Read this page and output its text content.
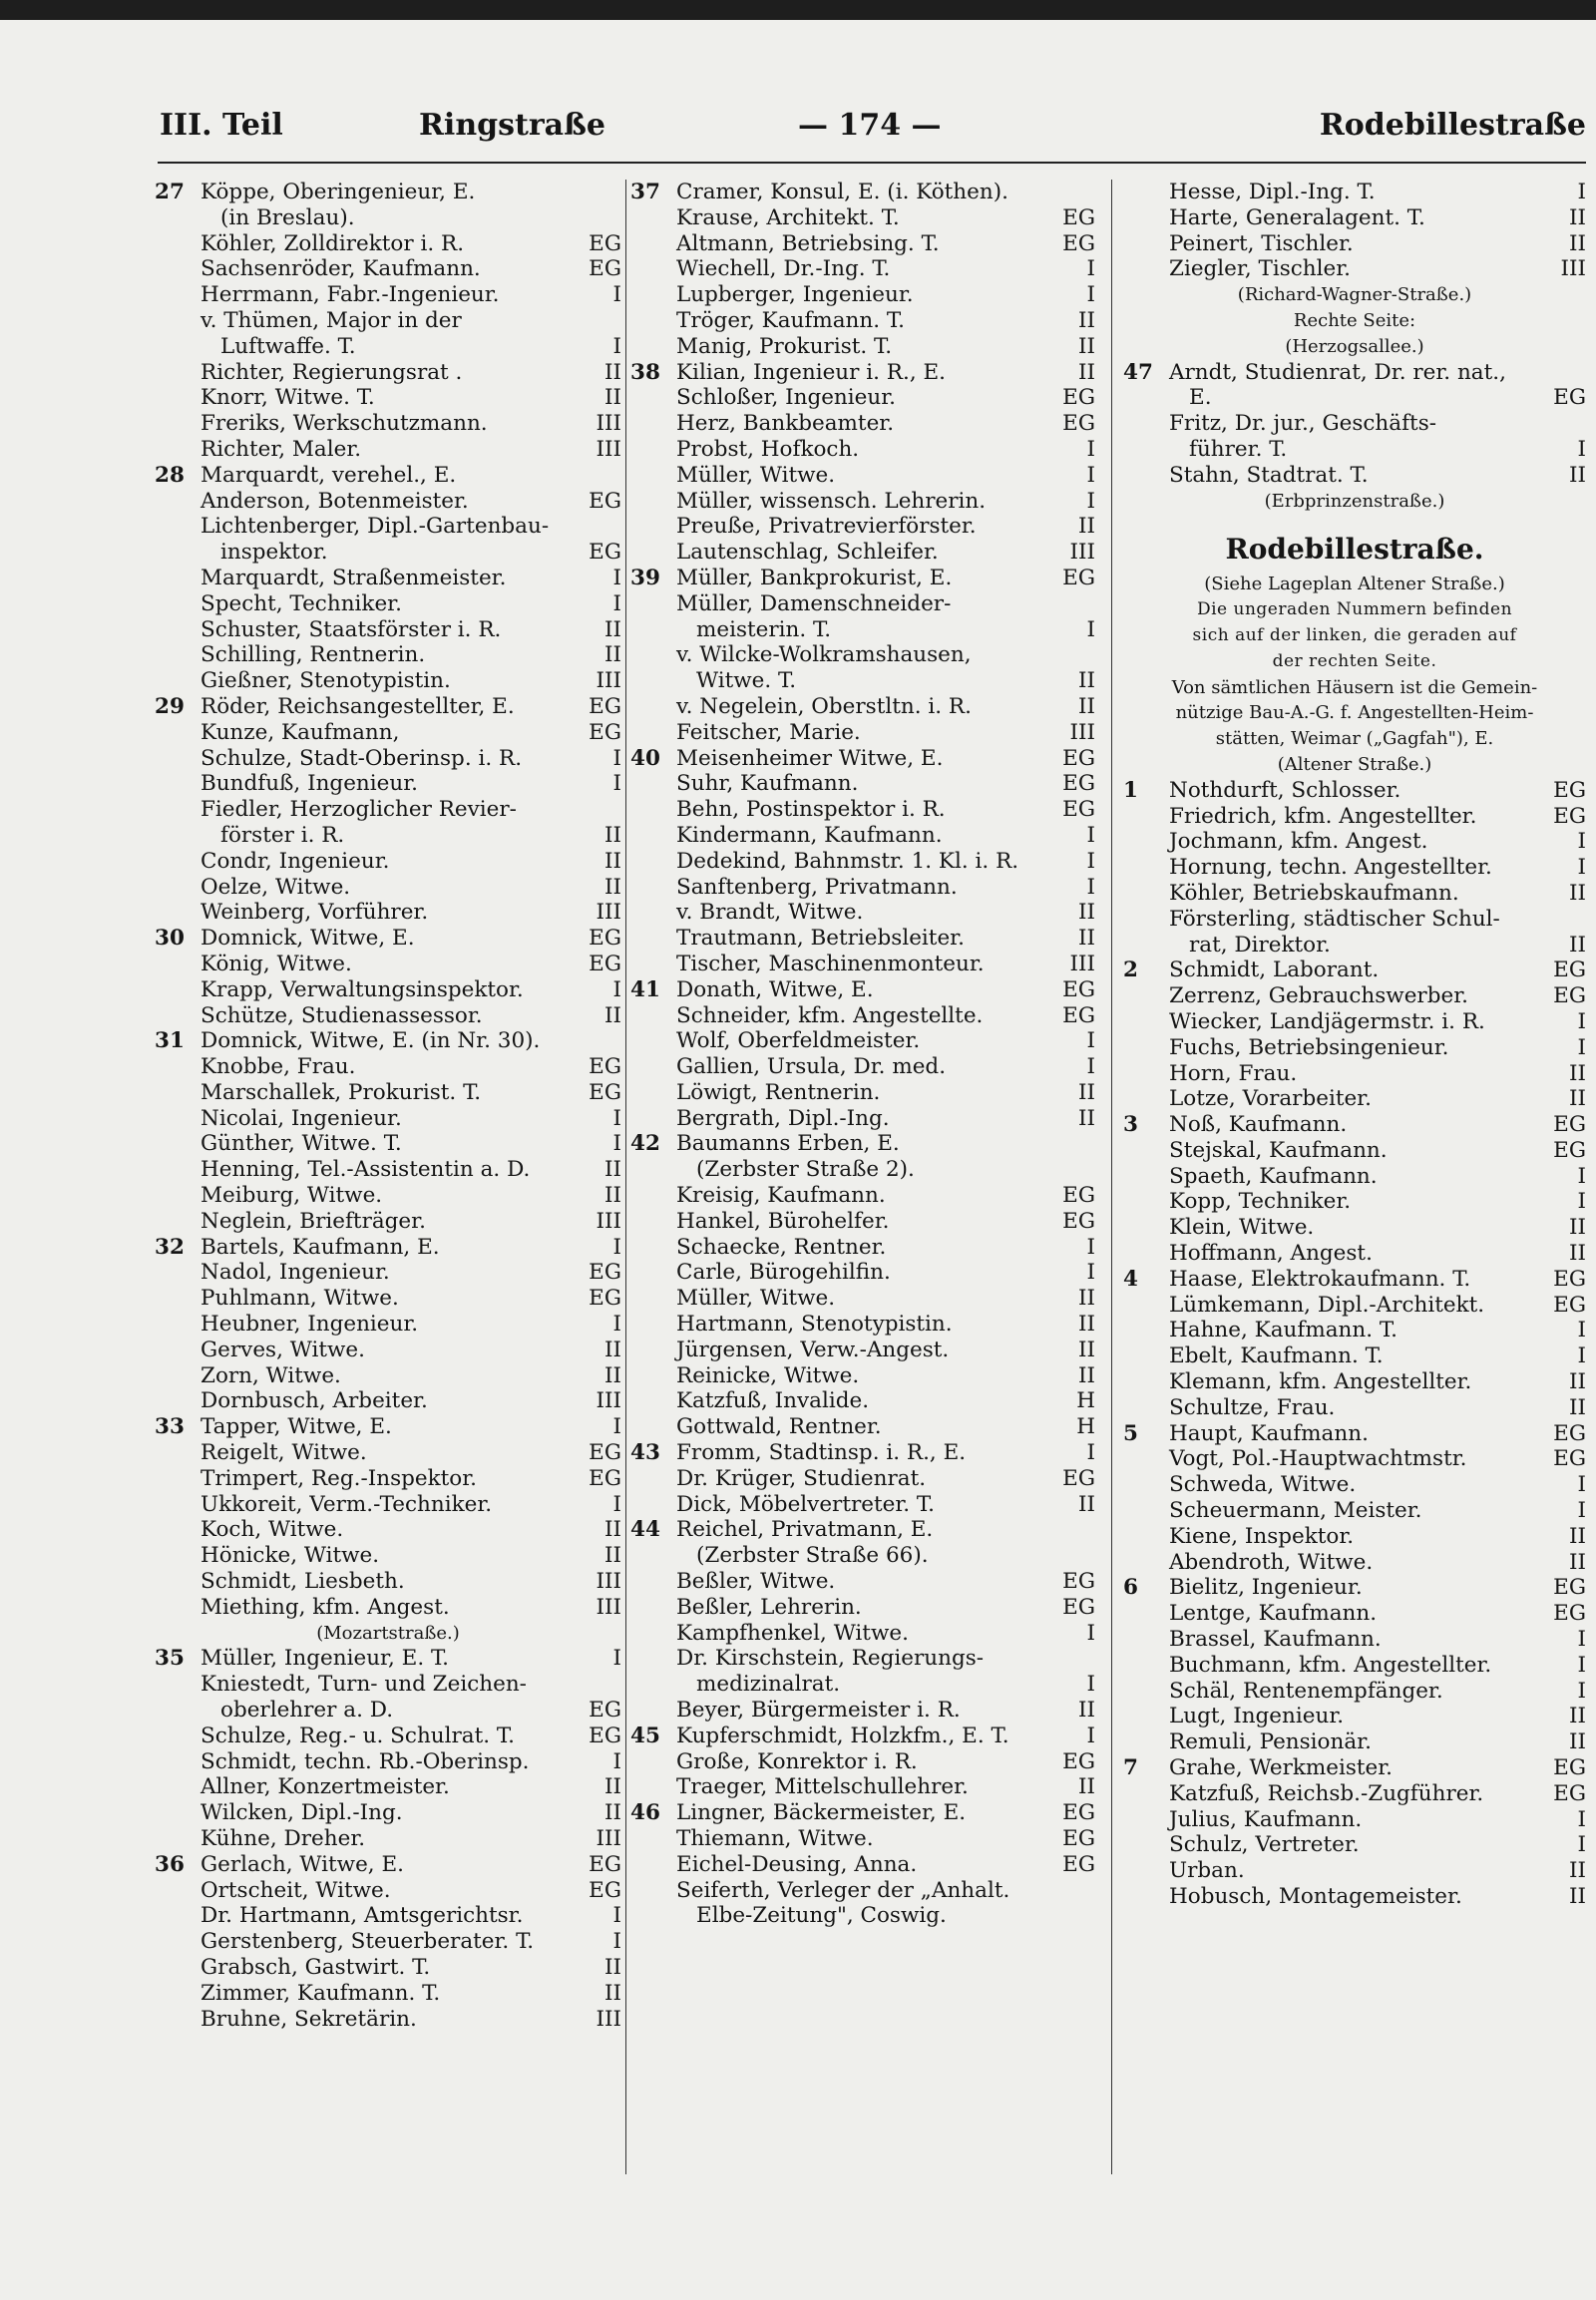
III. Teil	Ringstraße	— 174 —	Rodebillestraße
27 Köppe, Oberingenieur, E.
(in Breslau).
Köhler, Zolldirektor i. R.	EG
Sachsenröder, Kaufmann.	EG
Herrmann, Fabr.-Ingenieur.	I
v. Thümen, Major in der
Luftwaffe. T.	I
Richter, Regierungsrat .	II
Knorr, Witwe. T.	II
Freriks, Werkschutzmann.	III
Richter, Maler.	III
28 Marquardt, verehel., E.
Anderson, Botenmeister.	EG
Lichtenberger, Dipl.-Gartenbau-
inspektor.	EG
Marquardt, Straßenmeister.	I
Specht, Techniker.	I
Schuster, Staatsförster i. R.	II
Schilling, Rentnerin.	II
Gießner, Stenotypistin.	III
29 Röder, Reichsangestellter, E.	EG
Kunze, Kaufmann,	EG
Schulze, Stadt-Oberinsp. i. R.	I
Bundfuß, Ingenieur.	I
Fiedler, Herzoglicher Revier-
förster i. R.	II
Condr, Ingenieur.	II
Oelze, Witwe.	II
Weinberg, Vorführer.	III
30 Domnick, Witwe, E.	EG
König, Witwe.	EG
Krapp, Verwaltungsinspektor.	I
Schütze, Studienassessor.	II
31 Domnick, Witwe, E. (in Nr. 30).
Knobbe, Frau.	EG
Marschallek, Prokurist. T.	EG
Nicolai, Ingenieur.	I
Günther, Witwe. T.	I
Henning, Tel.-Assistentin a. D.	II
Meiburg, Witwe.	II
Neglein, Briefträger.	III
32 Bartels, Kaufmann, E.	I
Nadol, Ingenieur.	EG
Puhlmann, Witwe.	EG
Heubner, Ingenieur.	I
Gerves, Witwe.	II
Zorn, Witwe.	II
Dornbusch, Arbeiter.	III
33 Tapper, Witwe, E.	I
Reigelt, Witwe.	EG
Trimpert, Reg.-Inspektor.	EG
Ukkoreit, Verm.-Techniker.	I
Koch, Witwe.	II
Hönicke, Witwe.	II
Schmidt, Liesbeth.	III
Miething, kfm. Angest.	III
(Mozartstraße.)
35 Müller, Ingenieur, E. T.	I
Kniestedt, Turn- und Zeichen-
oberlehrer a. D.	EG
Schulze, Reg.- u. Schulrat. T.	EG
Schmidt, techn. Rb.-Oberinsp.	I
Allner, Konzertmeister.	II
Wilcken, Dipl.-Ing.	II
Kühne, Dreher.	III
36 Gerlach, Witwe, E.	EG
Ortscheit, Witwe.	EG
Dr. Hartmann, Amtsgerichtsr.	I
Gerstenberg, Steuerberater. T.	I
Grabsch, Gastwirt. T.	II
Zimmer, Kaufmann. T.	II
Bruhne, Sekretärin.	III
37 Cramer, Konsul, E. (i. Köthen).
Krause, Architekt. T.	EG
Altmann, Betriebsing. T.	EG
Wiechell, Dr.-Ing. T.	I
Lupberger, Ingenieur.	I
Tröger, Kaufmann. T.	II
Manig, Prokurist. T.	II
38 Kilian, Ingenieur i. R., E.	II
Schloßer, Ingenieur.	EG
Herz, Bankbeamter.	EG
Probst, Hofkoch.	I
Müller, Witwe.	I
Müller, wissensch. Lehrerin.	I
Preuße, Privatrevierförster.	II
Lautenschlag, Schleifer.	III
39 Müller, Bankprokurist, E.	EG
Müller, Damenschneider-
meisterin. T.	I
v. Wilcke-Wolkramshausen,
Witwe. T.	II
v. Negelein, Oberstltn. i. R.	II
Feitscher, Marie.	III
40 Meisenheimer Witwe, E.	EG
Suhr, Kaufmann.	EG
Behn, Postinspektor i. R.	EG
Kindermann, Kaufmann.	I
Dedekind, Bahnmstr. 1. Kl. i. R.	I
Sanftenberg, Privatmann.	I
v. Brandt, Witwe.	II
Trautmann, Betriebsleiter.	II
Tischer, Maschinenmonteur.	III
41 Donath, Witwe, E.	EG
Schneider, kfm. Angestellte.	EG
Wolf, Oberfeldmeister.	I
Gallien, Ursula, Dr. med.	I
Löwigt, Rentnerin.	II
Bergrath, Dipl.-Ing.	II
42 Baumanns Erben, E.
(Zerbster Straße 2).
Kreisig, Kaufmann.	EG
Hankel, Bürohelfer.	EG
Schaecke, Rentner.	I
Carle, Bürogehilfin.	I
Müller, Witwe.	II
Hartmann, Stenotypistin.	II
Jürgensen, Verw.-Angest.	II
Reinicke, Witwe.	II
Katzfuß, Invalide.	H
Gottwald, Rentner.	H
43 Fromm, Stadtinsp. i. R., E.	I
Dr. Krüger, Studienrat.	EG
Dick, Möbelvertreter. T.	II
44 Reichel, Privatmann, E.
(Zerbster Straße 66).
Beßler, Witwe.	EG
Beßler, Lehrerin.	EG
Kampfhenkel, Witwe.	I
Dr. Kirschstein, Regierungs-
medizinalrat.	I
Beyer, Bürgermeister i. R.	II
45 Kupferschmidt, Holzkfm., E. T.	I
Große, Konrektor i. R.	EG
Traeger, Mittelschullehrer.	II
46 Lingner, Bäckermeister, E.	EG
Thiemann, Witwe.	EG
Eichel-Deusing, Anna.	EG
Seiferth, Verleger der „Anhalt.
Elbe-Zeitung", Coswig.
Hesse, Dipl.-Ing. T.	I
Harte, Generalagent. T.	II
Peinert, Tischler.	II
Ziegler, Tischler.	III
(Richard-Wagner-Straße.)
Rechte Seite:
(Herzogsallee.)
47 Arndt, Studienrat, Dr. rer. nat.,
E.	EG
Fritz, Dr. jur., Geschäfts-
führer. T.	I
Stahn, Stadtrat. T.	II
(Erbprinzenstraße.)
Rodebillestraße.
(Siehe Lageplan Altener Straße.)
Die ungeraden Nummern befinden
sich auf der linken, die geraden auf
der rechten Seite.
Von sämtlichen Häusern ist die Gemein-
nützige Bau-A.-G. f. Angestellten-Heim-
stätten, Weimar („Gagfah"), E.
(Altener Straße.)
1	Nothdurft, Schlosser.	EG
Friedrich, kfm. Angestellter.	EG
Jochmann, kfm. Angest.	I
Hornung, techn. Angestellter.	I
Köhler, Betriebskaufmann.	II
Försterling, städtischer Schul-
rat, Direktor.	II
2	Schmidt, Laborant.	EG
Zerrenz, Gebrauchswerber.	EG
Wiecker, Landjägermstr. i. R.	I
Fuchs, Betriebsingenieur.	I
Horn, Frau.	II
Lotze, Vorarbeiter.	II
3	Noß, Kaufmann.	EG
Stejskal, Kaufmann.	EG
Spaeth, Kaufmann.	I
Kopp, Techniker.	I
Klein, Witwe.	II
Hoffmann, Angest.	II
4	Haase, Elektrokaufmann. T.	EG
Lümkemann, Dipl.-Architekt.	EG
Hahne, Kaufmann. T.	I
Ebelt, Kaufmann. T.	I
Klemann, kfm. Angestellter.	II
Schultze, Frau.	II
5	Haupt, Kaufmann.	EG
Vogt, Pol.-Hauptwachtmstr.	EG
Schweda, Witwe.	I
Scheuermann, Meister.	I
Kiene, Inspektor.	II
Abendroth, Witwe.	II
6	Bielitz, Ingenieur.	EG
Lentge, Kaufmann.	EG
Brassel, Kaufmann.	I
Buchmann, kfm. Angestellter.	I
Schäl, Rentenempfänger.	I
Lugt, Ingenieur.	II
Remuli, Pensionär.	II
7	Grahe, Werkmeister.	EG
Katzfuß, Reichsb.-Zugführer.	EG
Julius, Kaufmann.	I
Schulz, Vertreter.	I
Urban.	II
Hobusch, Montagemeister.	II
